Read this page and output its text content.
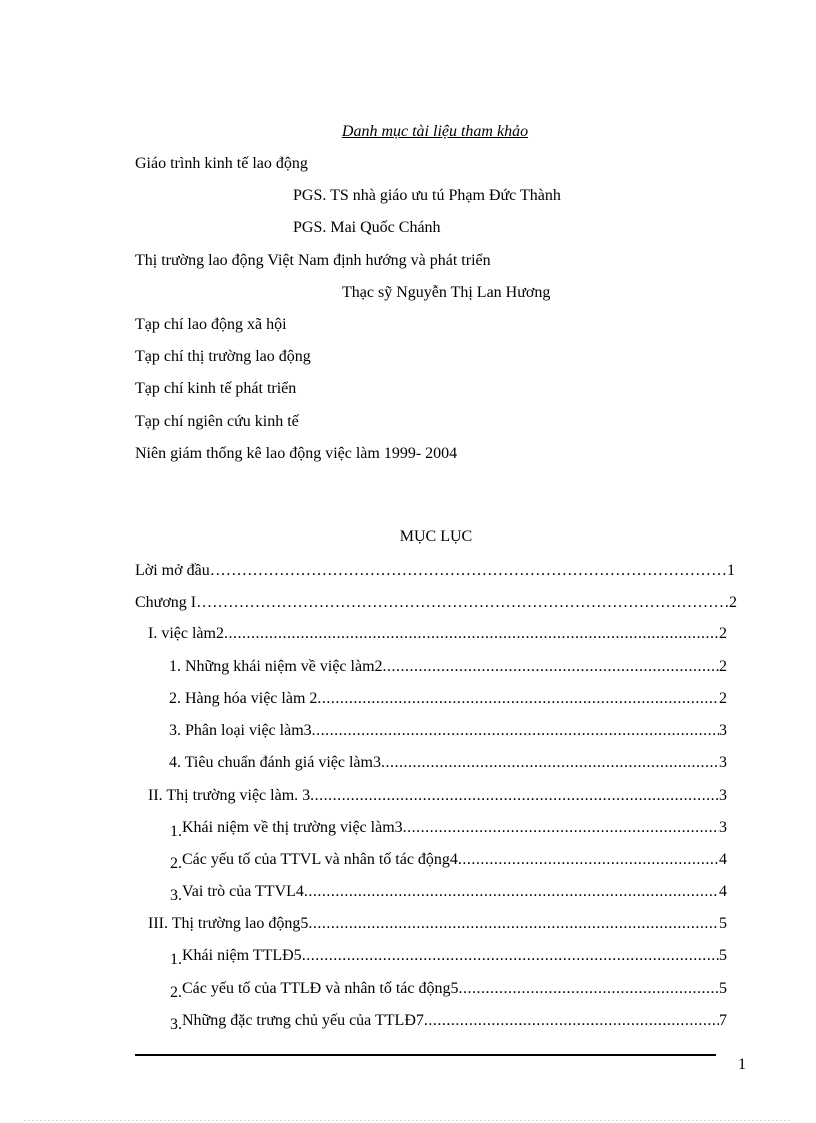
Danh mục tài liệu tham khảo
Giáo trình kinh tế lao động
PGS. TS nhà giáo ưu tú Phạm Đức Thành
PGS. Mai Quốc Chánh
Thị trường lao động Việt Nam định hướng và phát triển
Thạc sỹ Nguyễn Thị Lan Hương
Tạp chí lao động xã hội
Tạp chí thị trường lao động
Tạp chí kinh tế phát triển
Tạp chí ngiên cứu kinh tế
Niên giám thống kê lao động việc làm 1999- 2004
MỤC LỤC
Lời mở đầu ……………………………………………………………………………………………………………………………………………………………	1
Chương I ……………………………………………………………………………………………………………………………………………………………	2
I. việc làm2 .....	2
1. Những khái niệm về việc làm2 .....	2
2. Hàng hóa việc làm 2 .....	2
3. Phân loại việc làm3 .....	3
4. Tiêu chuẩn đánh giá việc làm3 .....	3
II. Thị trường việc làm. 3 .....	3
1. Khái niệm về thị trường việc làm3 .....	3
2. Các yếu tố của TTVL và nhân tố tác động4 .....	4
3. Vai trò của TTVL4 .....	4
III. Thị trường lao động5 .....	5
1. Khái niệm TTLĐ5 .....	5
2. Các yếu tố của TTLĐ và nhân tố tác động5 .....	5
3. Những đặc trưng chủ yếu của TTLĐ7 .....	7
1
